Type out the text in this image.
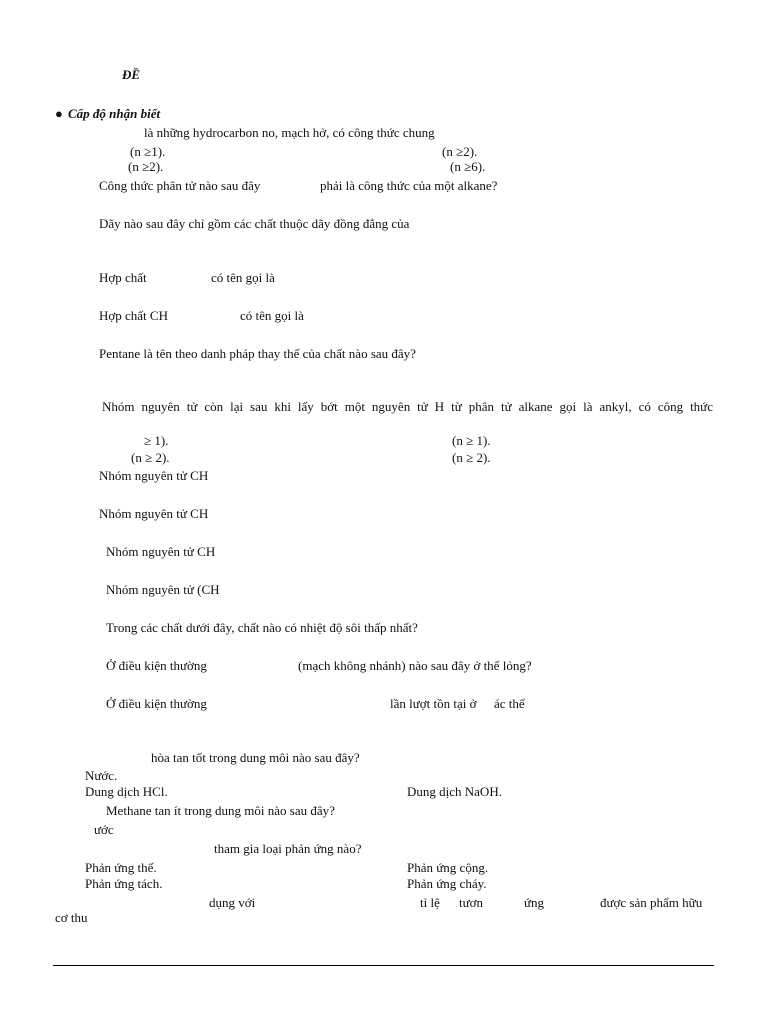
ĐỀ
● Cấp độ nhận biết
là những hydrocarbon no, mạch hở, có công thức chung
(n ≥1).	(n ≥2).
(n ≥2).	(n ≥6).
Công thức phân tử nào sau đây	phải là công thức của một alkane?
Dãy nào sau đây chỉ gồm các chất thuộc dãy đồng đẳng của
Hợp chất	có tên gọi là
Hợp chất CH	có tên gọi là
Pentane là tên theo danh pháp thay thế của chất nào sau đây?
Nhóm nguyên tử còn lại sau khi lấy bớt một nguyên tử H từ phân tử alkane gọi là ankyl, có công thức
≥ 1).	(n ≥ 1).
(n ≥ 2).	(n ≥ 2).
Nhóm nguyên tử CH
Nhóm nguyên tử CH
Nhóm nguyên tử CH
Nhóm nguyên tử (CH
Trong các chất dưới đây, chất nào có nhiệt độ sôi thấp nhất?
Ở điều kiện thường	(mạch không nhánh) nào sau đây ở thể lỏng?
Ở điều kiện thường	lần lượt tồn tại ở ác thể
hòa tan tốt trong dung môi nào sau đây?
Nước.
Dung dịch HCl.	Dung dịch NaOH.
Methane tan ít trong dung môi nào sau đây?
ước
tham gia loại phản ứng nào?
Phản ứng thế.	Phản ứng cộng.
Phản ứng tách.	Phản ứng cháy.
dụng với	tỉ lệ tươn	ứng	được sản phẩm hữu
cơ thu
